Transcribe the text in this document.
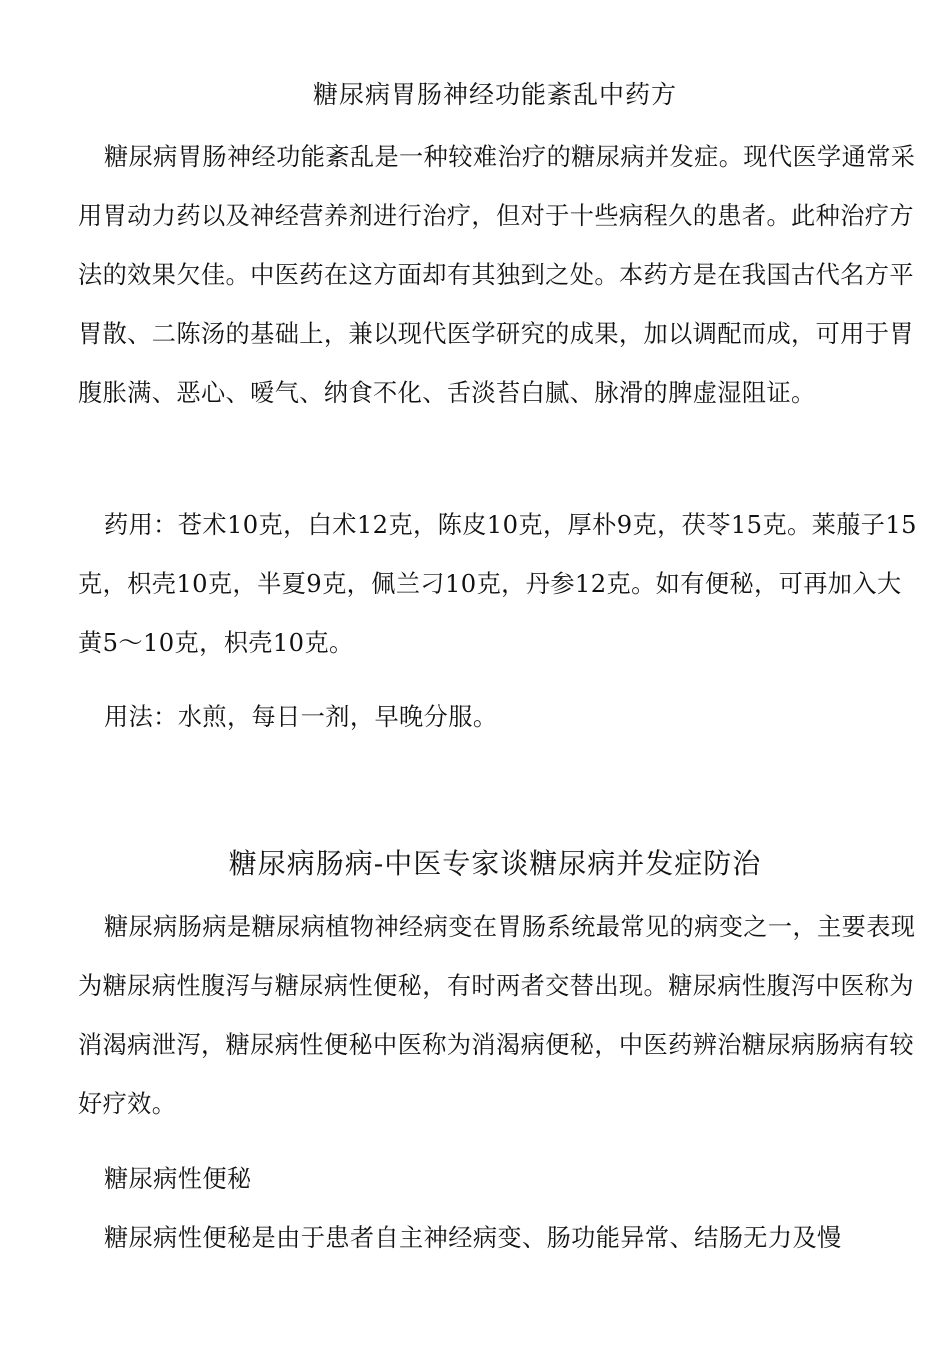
糖尿病胃肠神经功能紊乱中药方

糖尿病胃肠神经功能紊乱是一种较难治疗的糖尿病并发症。现代医学通常采用胃动力药以及神经营养剂进行治疗，但对于十些病程久的患者。此种治疗方法的效果欠佳。中医药在这方面却有其独到之处。本药方是在我国古代名方平胃散、二陈汤的基础上，兼以现代医学研究的成果，加以调配而成，可用于胃腹胀满、恶心、嗳气、纳食不化、舌淡苔白腻、脉滑的脾虚湿阻证。

药用：苍术10克，白术12克，陈皮10克，厚朴9克，茯苓15克。莱菔子15克，枳壳10克，半夏9克，佩兰刁10克，丹参12克。如有便秘，可再加入大黄5〜10克，枳壳10克。

用法：水煎，每日一剂，早晚分服。

糖尿病肠病-中医专家谈糖尿病并发症防治

糖尿病肠病是糖尿病植物神经病变在胃肠系统最常见的病变之一，主要表现为糖尿病性腹泻与糖尿病性便秘，有时两者交替出现。糖尿病性腹泻中医称为消渴病泄泻，糖尿病性便秘中医称为消渴病便秘，中医药辨治糖尿病肠病有较好疗效。

糖尿病性便秘

糖尿病性便秘是由于患者自主神经病变、肠功能异常、结肠无力及慢
